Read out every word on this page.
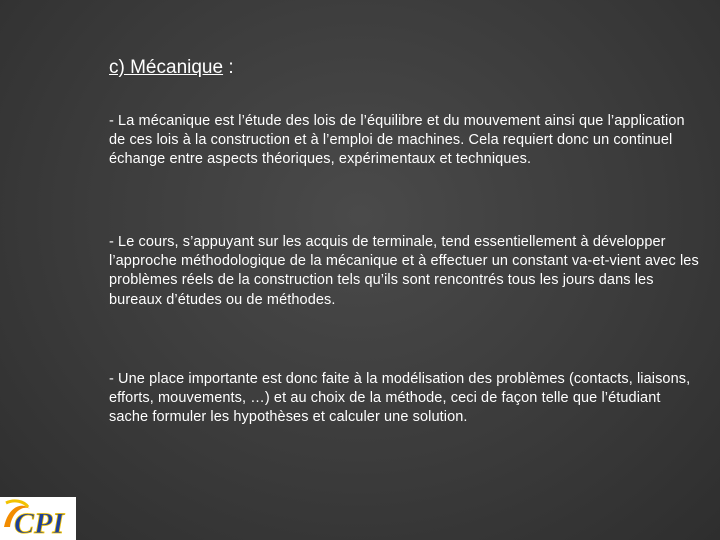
c) Mécanique :
- La mécanique est l’étude des lois de l’équilibre et du mouvement ainsi que l’application de ces lois à la construction et à l’emploi de machines. Cela requiert donc un continuel échange entre aspects théoriques, expérimentaux et techniques.
- Le cours, s’appuyant sur les acquis de terminale, tend essentiellement à développer l’approche méthodologique de la mécanique et à effectuer un constant va-et-vient avec les problèmes réels de la construction tels qu’ils sont rencontrés tous les jours dans les bureaux d’études ou de méthodes.
- Une place importante est donc faite à la modélisation des problèmes (contacts, liaisons, efforts, mouvements, …) et au choix de la méthode, ceci de façon telle que l’étudiant sache formuler les hypothèses et calculer une solution.
CPI
